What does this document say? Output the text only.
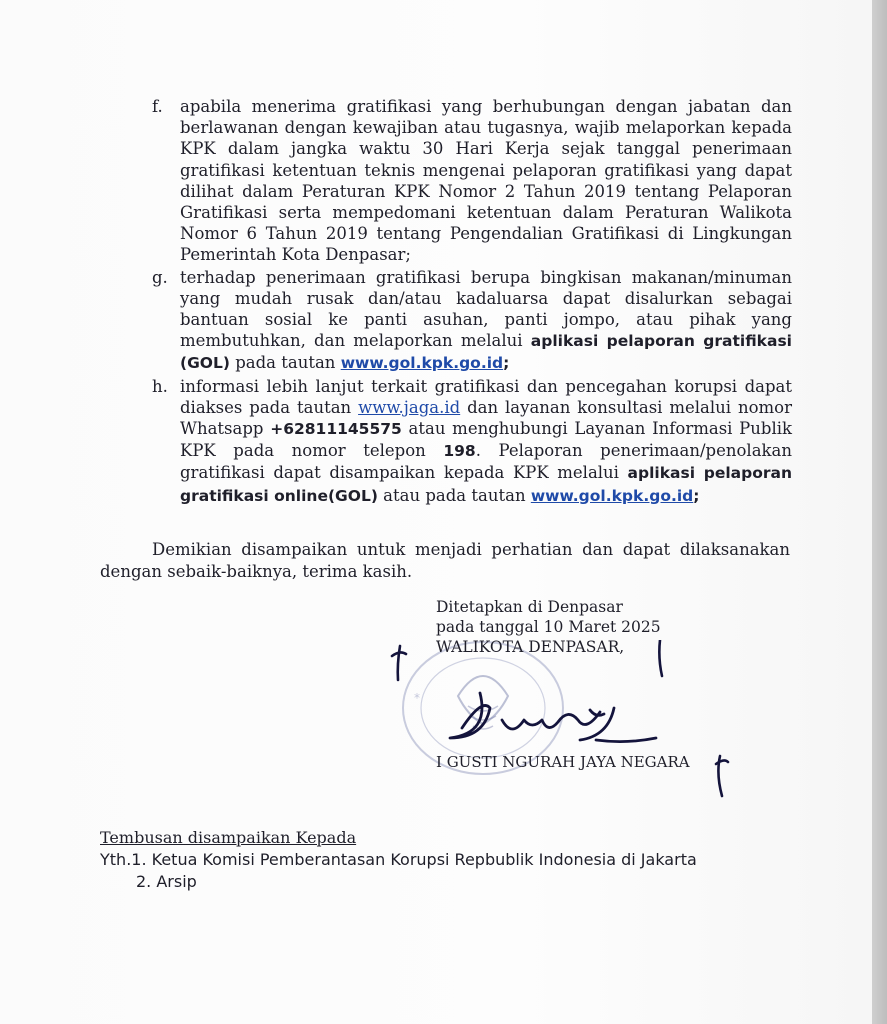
f. apabila menerima gratifikasi yang berhubungan dengan jabatan dan berlawanan dengan kewajiban atau tugasnya, wajib melaporkan kepada KPK dalam jangka waktu 30 Hari Kerja sejak tanggal penerimaan gratifikasi ketentuan teknis mengenai pelaporan gratifikasi yang dapat dilihat dalam Peraturan KPK Nomor 2 Tahun 2019 tentang Pelaporan Gratifikasi serta mempedomani ketentuan dalam Peraturan Walikota Nomor 6 Tahun 2019 tentang Pengendalian Gratifikasi di Lingkungan Pemerintah Kota Denpasar;
g. terhadap penerimaan gratifikasi berupa bingkisan makanan/minuman yang mudah rusak dan/atau kadaluarsa dapat disalurkan sebagai bantuan sosial ke panti asuhan, panti jompo, atau pihak yang membutuhkan, dan melaporkan melalui aplikasi pelaporan gratifikasi (GOL) pada tautan www.gol.kpk.go.id;
h. informasi lebih lanjut terkait gratifikasi dan pencegahan korupsi dapat diakses pada tautan www.jaga.id dan layanan konsultasi melalui nomor Whatsapp +62811145575 atau menghubungi Layanan Informasi Publik KPK pada nomor telepon 198. Pelaporan penerimaan/penolakan gratifikasi dapat disampaikan kepada KPK melalui aplikasi pelaporan gratifikasi online(GOL) atau pada tautan www.gol.kpk.go.id;
Demikian disampaikan untuk menjadi perhatian dan dapat dilaksanakan dengan sebaik-baiknya, terima kasih.
*
Ditetapkan di Denpasar
pada tanggal 10 Maret 2025
WALIKOTA DENPASAR,
I GUSTI NGURAH JAYA NEGARA
Tembusan disampaikan Kepada
Yth.1. Ketua Komisi Pemberantasan Korupsi Repbublik Indonesia di Jakarta
2. Arsip
